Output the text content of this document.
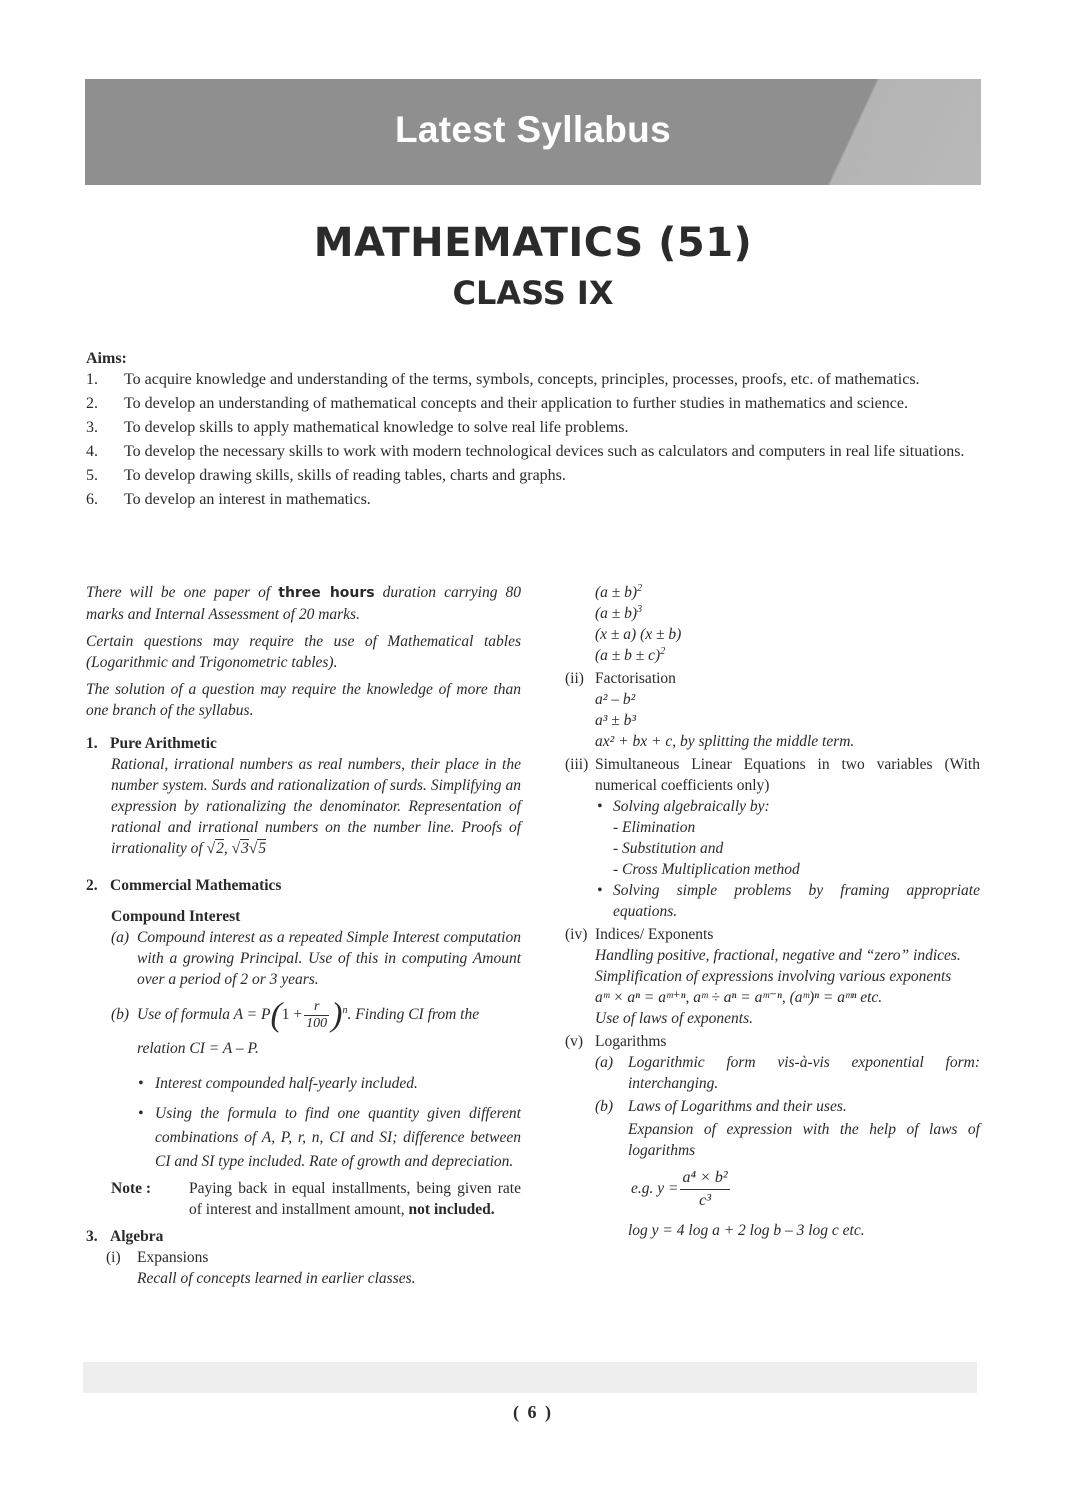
Latest Syllabus
MATHEMATICS (51)
CLASS IX
Aims:
1. To acquire knowledge and understanding of the terms, symbols, concepts, principles, processes, proofs, etc. of mathematics.
2. To develop an understanding of mathematical concepts and their application to further studies in mathematics and science.
3. To develop skills to apply mathematical knowledge to solve real life problems.
4. To develop the necessary skills to work with modern technological devices such as calculators and computers in real life situations.
5. To develop drawing skills, skills of reading tables, charts and graphs.
6. To develop an interest in mathematics.

There will be one paper of three hours duration carrying 80 marks and Internal Assessment of 20 marks.

Certain questions may require the use of Mathematical tables (Logarithmic and Trigonometric tables).

The solution of a question may require the knowledge of more than one branch of the syllabus.

1. Pure Arithmetic

Rational, irrational numbers as real numbers, their place in the number system. Surds and rationalization of surds. Simplifying an expression by rationalizing the denominator. Representation of rational and irrational numbers on the number line. Proofs of irrationality of √2, √3√5

2. Commercial Mathematics
Compound Interest
(a) Compound interest as a repeated Simple Interest computation with a growing Principal. Use of this in computing Amount over a period of 2 or 3 years.
(b) Use of formula $A = P(1 + \frac{r}{100} )^n$. Finding CI from the relation CI = A – P.
• Interest compounded half-yearly included.
• Using the formula to find one quantity given different combinations of A, P, r, n, CI and SI; difference between CI and SI type included. Rate of growth and depreciation.
Note : Paying back in equal installments, being given rate of interest and installment amount, not included.
3. Algebra
(i) Expansions

Recall of concepts learned in earlier classes.

$(a \pm b)^2$
$(a \pm b)^3$
(x ± a) (x ± b)
$(a \pm b \pm c)^2$
(ii) Factorisation
a² – b²
a³ ± b³
ax² + bx + c, by splitting the middle term.
(iii) Simultaneous Linear Equations in two variables (With numerical coefficients only)
• Solving algebraically by:
- Elimination
- Substitution and
- Cross Multiplication method
• Solving simple problems by framing appropriate equations.
(iv) Indices/ Exponents

Handling positive, fractional, negative and “zero” indices.

Simplification of expressions involving various exponents

aᵐ × aⁿ = aᵐ⁺ⁿ, aᵐ ÷ aⁿ = aᵐ⁻ⁿ, (aᵐ)ⁿ = aᵐⁿ etc.

Use of laws of exponents.

(v) Logarithms
(a) Logarithmic form vis-à-vis exponential form: interchanging.
(b) Laws of Logarithms and their uses.

Expansion of expression with the help of laws of logarithms

e.g. $y = \frac{\text{a⁴ × b²}}{\text{c³}}$

log y = 4 log a + 2 log b – 3 log c etc.

( 6 )
